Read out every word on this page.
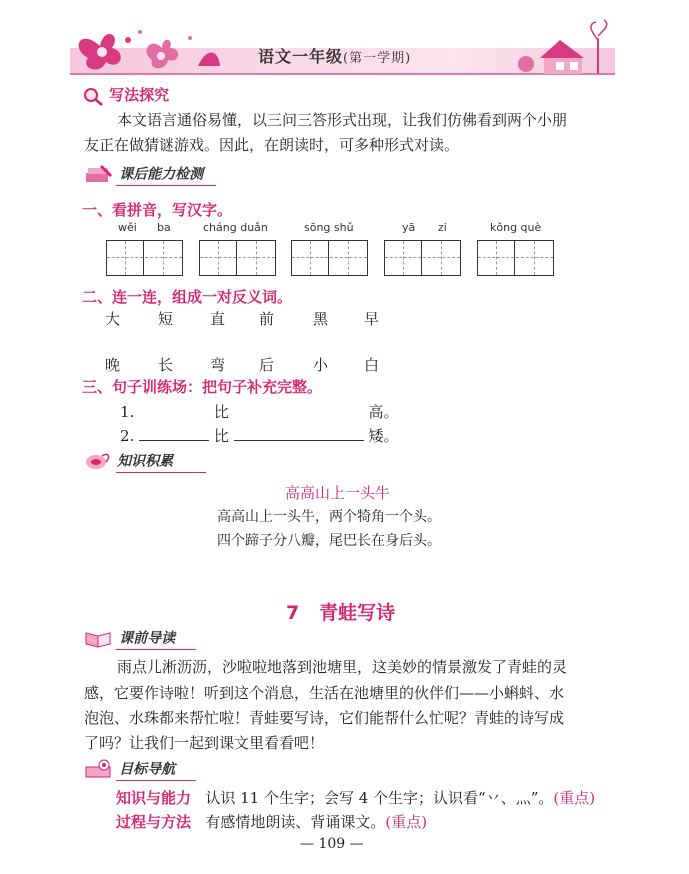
语文一年级(第一学期)
写法探究

本文语言通俗易懂，以三问三答形式出现，让我们仿佛看到两个小朋

友正在做猜谜游戏。因此，在朗读时，可多种形式对读。

课后能力检测
一、看拼音，写汉字。
wěi ba	cháng duǎn	sōng shǔ	yā zi	kǒng què
二、连一连，组成一对反义词。
大	短 直 前	黑 早
晚	长 弯 后	小 白
三、句子训练场：把句子补充完整。
1.	比	高。
2.	比	矮。
知识积累
高高山上一头牛
高高山上一头牛，两个犄角一个头。
四个蹄子分八瓣，尾巴长在身后头。
7 青蛙写诗
课前导读

雨点儿淅沥沥，沙啦啦地落到池塘里，这美妙的情景激发了青蛙的灵

感，它要作诗啦！听到这个消息，生活在池塘里的伙伴们——小蝌蚪、水

泡泡、水珠都来帮忙啦！青蛙要写诗，它们能帮什么忙呢？青蛙的诗写成

了吗？让我们一起到课文里看看吧！

目标导航
知识与能力 认识 11 个生字；会写 4 个生字；认识看“丷、灬”。(重点)
过程与方法 有感情地朗读、背诵课文。(重点)
— 109 —
